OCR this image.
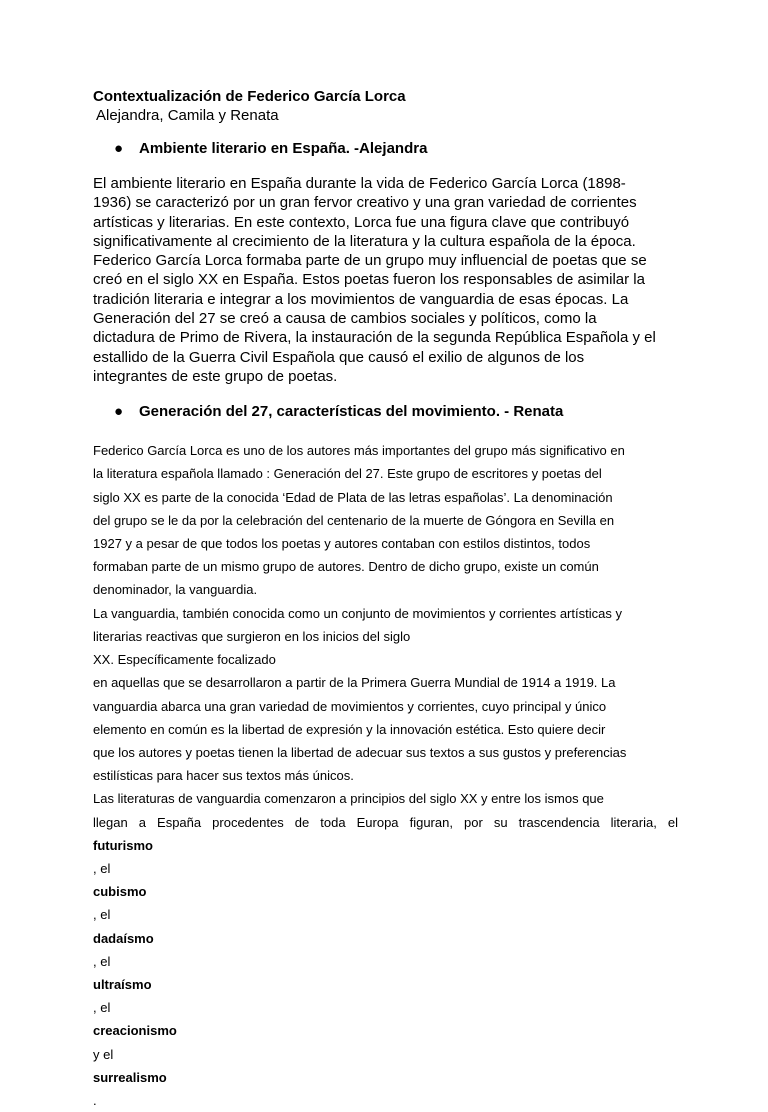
Contextualización de Federico García Lorca

Alejandra, Camila y Renata

● Ambiente literario en España. -Alejandra

El ambiente literario en España durante la vida de Federico García Lorca (1898-
1936) se caracterizó por un gran fervor creativo y una gran variedad de corrientes
artísticas y literarias. En este contexto, Lorca fue una figura clave que contribuyó
significativamente al crecimiento de la literatura y la cultura española de la época.
Federico García Lorca formaba parte de un grupo muy influencial de poetas que se
creó en el siglo XX en España. Estos poetas fueron los responsables de asimilar la
tradición literaria e integrar a los movimientos de vanguardia de esas épocas. La
Generación del 27 se creó a causa de cambios sociales y políticos, como la
dictadura de Primo de Rivera, la instauración de la segunda República Española y el
estallido de la Guerra Civil Española que causó el exilio de algunos de los
integrantes de este grupo de poetas.

● Generación del 27, características del movimiento. - Renata

Federico García Lorca es uno de los autores más importantes del grupo más significativo en
la literatura española llamado : Generación del 27. Este grupo de escritores y poetas del
siglo XX es parte de la conocida ‘Edad de Plata de las letras españolas’. La denominación
del grupo se le da por la celebración del centenario de la muerte de Góngora en Sevilla en
1927 y a pesar de que todos los poetas y autores contaban con estilos distintos, todos
formaban parte de un mismo grupo de autores. Dentro de dicho grupo, existe un común
denominador, la vanguardia.
La vanguardia, también conocida como un conjunto de movimientos y corrientes artísticas y
literarias reactivas que surgieron en los inicios del siglo
XX. Específicamente focalizado
en aquellas que se desarrollaron a partir de la Primera Guerra Mundial de 1914 a 1919. La
vanguardia abarca una gran variedad de movimientos y corrientes, cuyo principal y único
elemento en común es la libertad de expresión y la innovación estética. Esto quiere decir
que los autores y poetas tienen la libertad de adecuar sus textos a sus gustos y preferencias
estilísticas para hacer sus textos más únicos.
Las literaturas de vanguardia comenzaron a principios del siglo XX y entre los ismos que
llegan a España procedentes de toda Europa figuran, por su trascendencia literaria, el
futurismo
, el
cubismo
, el
dadaísmo
, el
ultraísmo
, el
creacionismo
y el
surrealismo
.
